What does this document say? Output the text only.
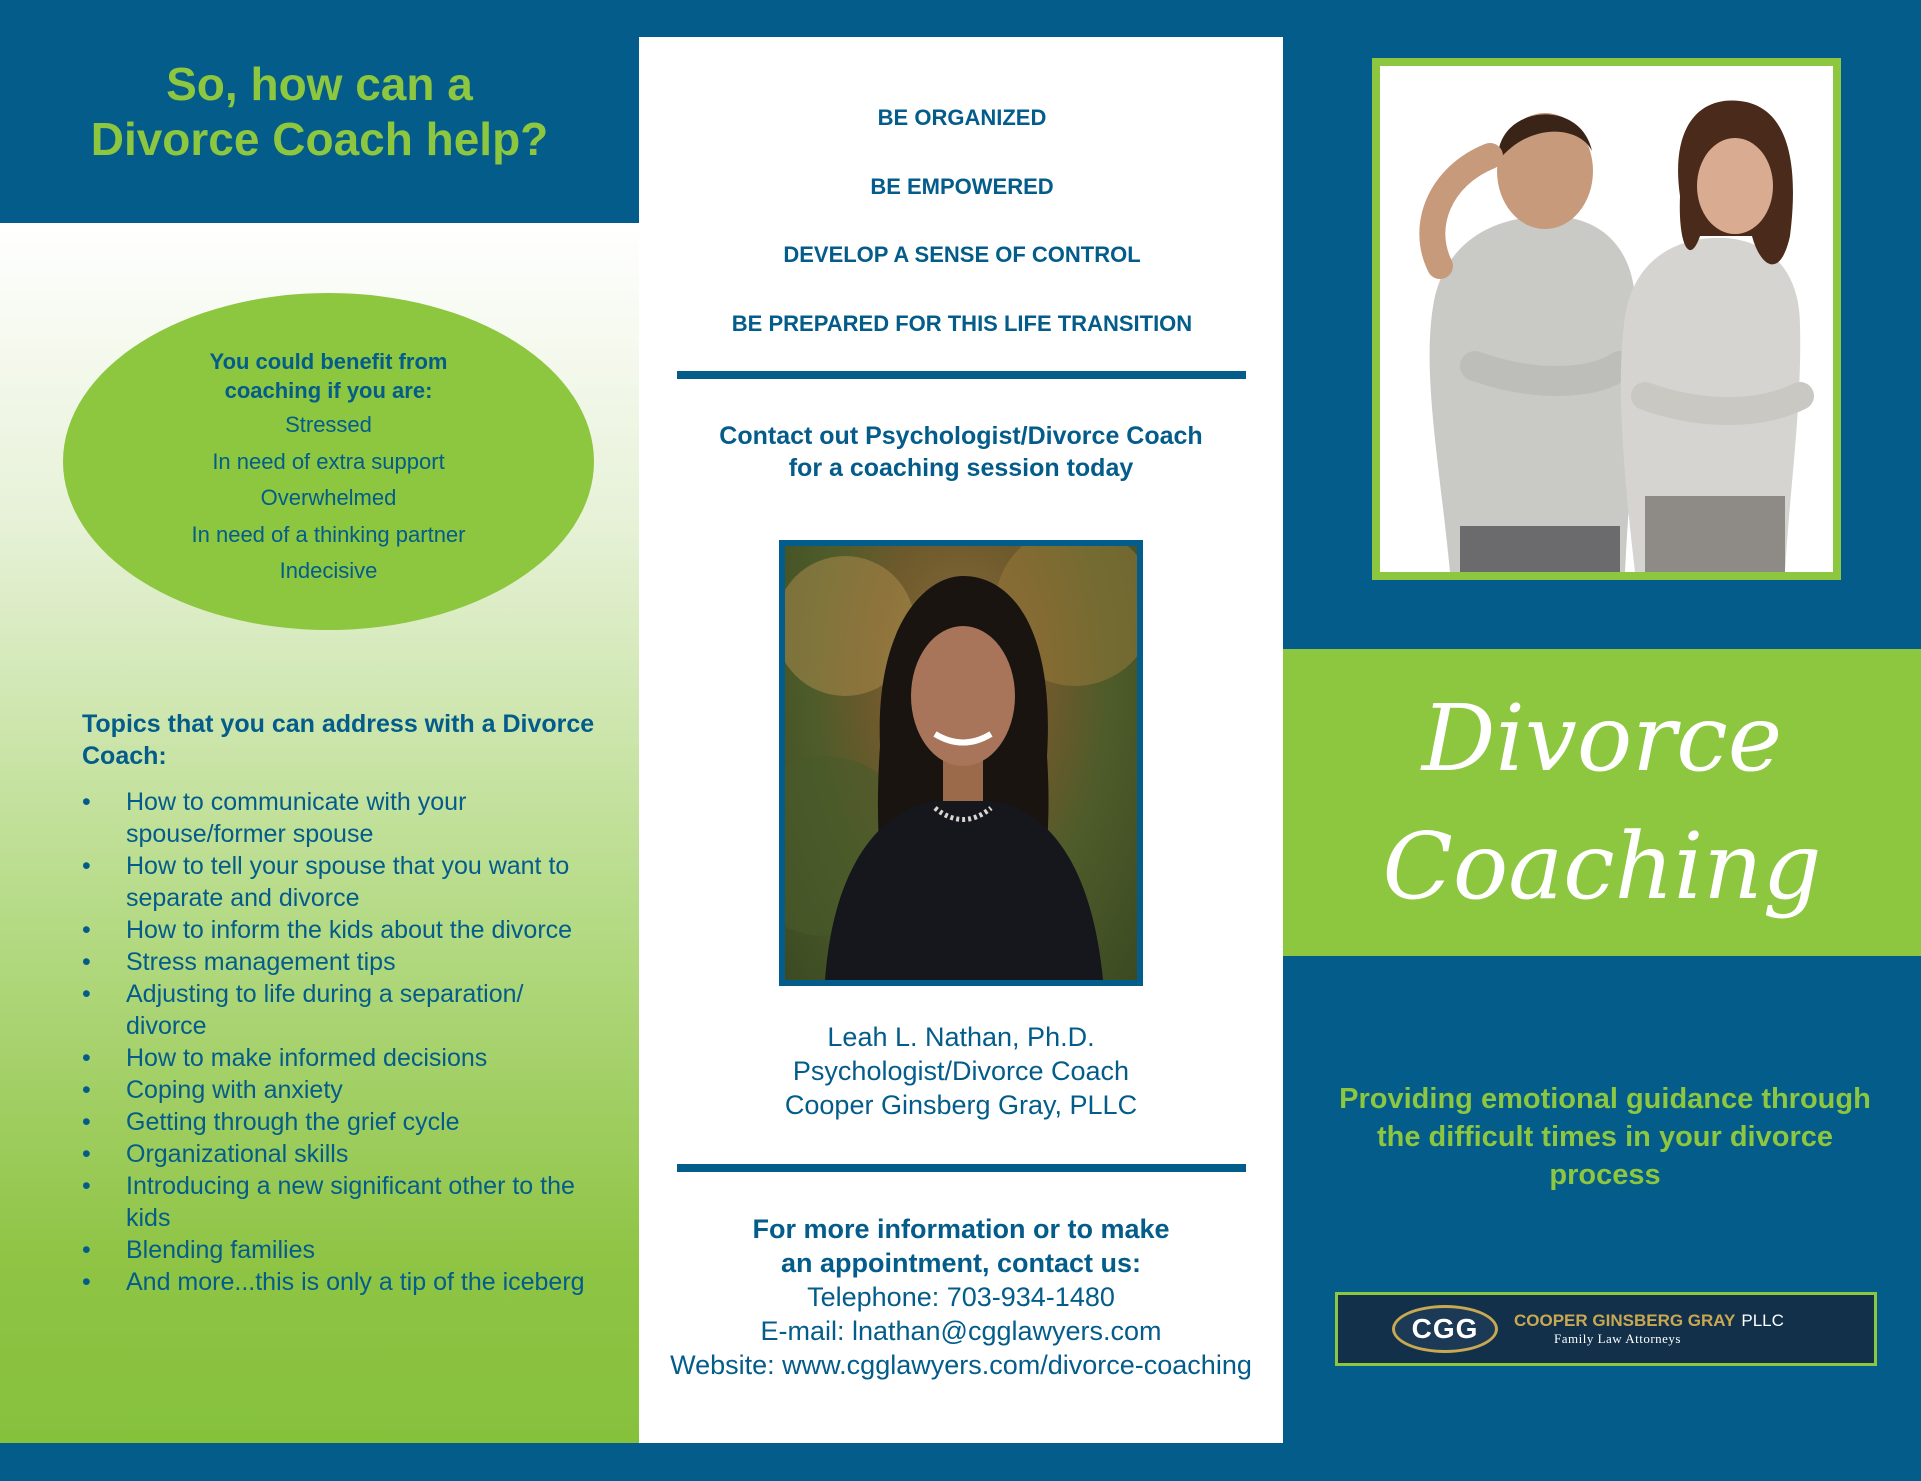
So, how can a
Divorce Coach help?
You could benefit from coaching if you are:
Stressed
In need of extra support
Overwhelmed
In need of a thinking partner
Indecisive

Topics that you can address with a Divorce Coach:

• How to communicate with your spouse/former spouse
• How to tell your spouse that you want to separate and divorce
• How to inform the kids about the divorce
• Stress management tips
• Adjusting to life during a separation/ divorce
• How to make informed decisions
• Coping with anxiety
• Getting through the grief cycle
• Organizational skills
• Introducing a new significant other to the kids
• Blending families
• And more...this is only a tip of the iceberg

BE ORGANIZED

BE EMPOWERED

DEVELOP A SENSE OF CONTROL

BE PREPARED FOR THIS LIFE TRANSITION

Contact out Psychologist/Divorce Coach
for a coaching session today

Leah L. Nathan, Ph.D.
Psychologist/Divorce Coach
Cooper Ginsberg Gray, PLLC

For more information or to make
an appointment, contact us:
Telephone: 703-934-1480
E-mail: lnathan@cgglawyers.com
Website: www.cgglawyers.com/divorce-coaching

Divorce
Coaching

Providing emotional guidance through the difficult times in your divorce process

CGG	COOPER GINSBERG GRAY PLLC
Family Law Attorneys
